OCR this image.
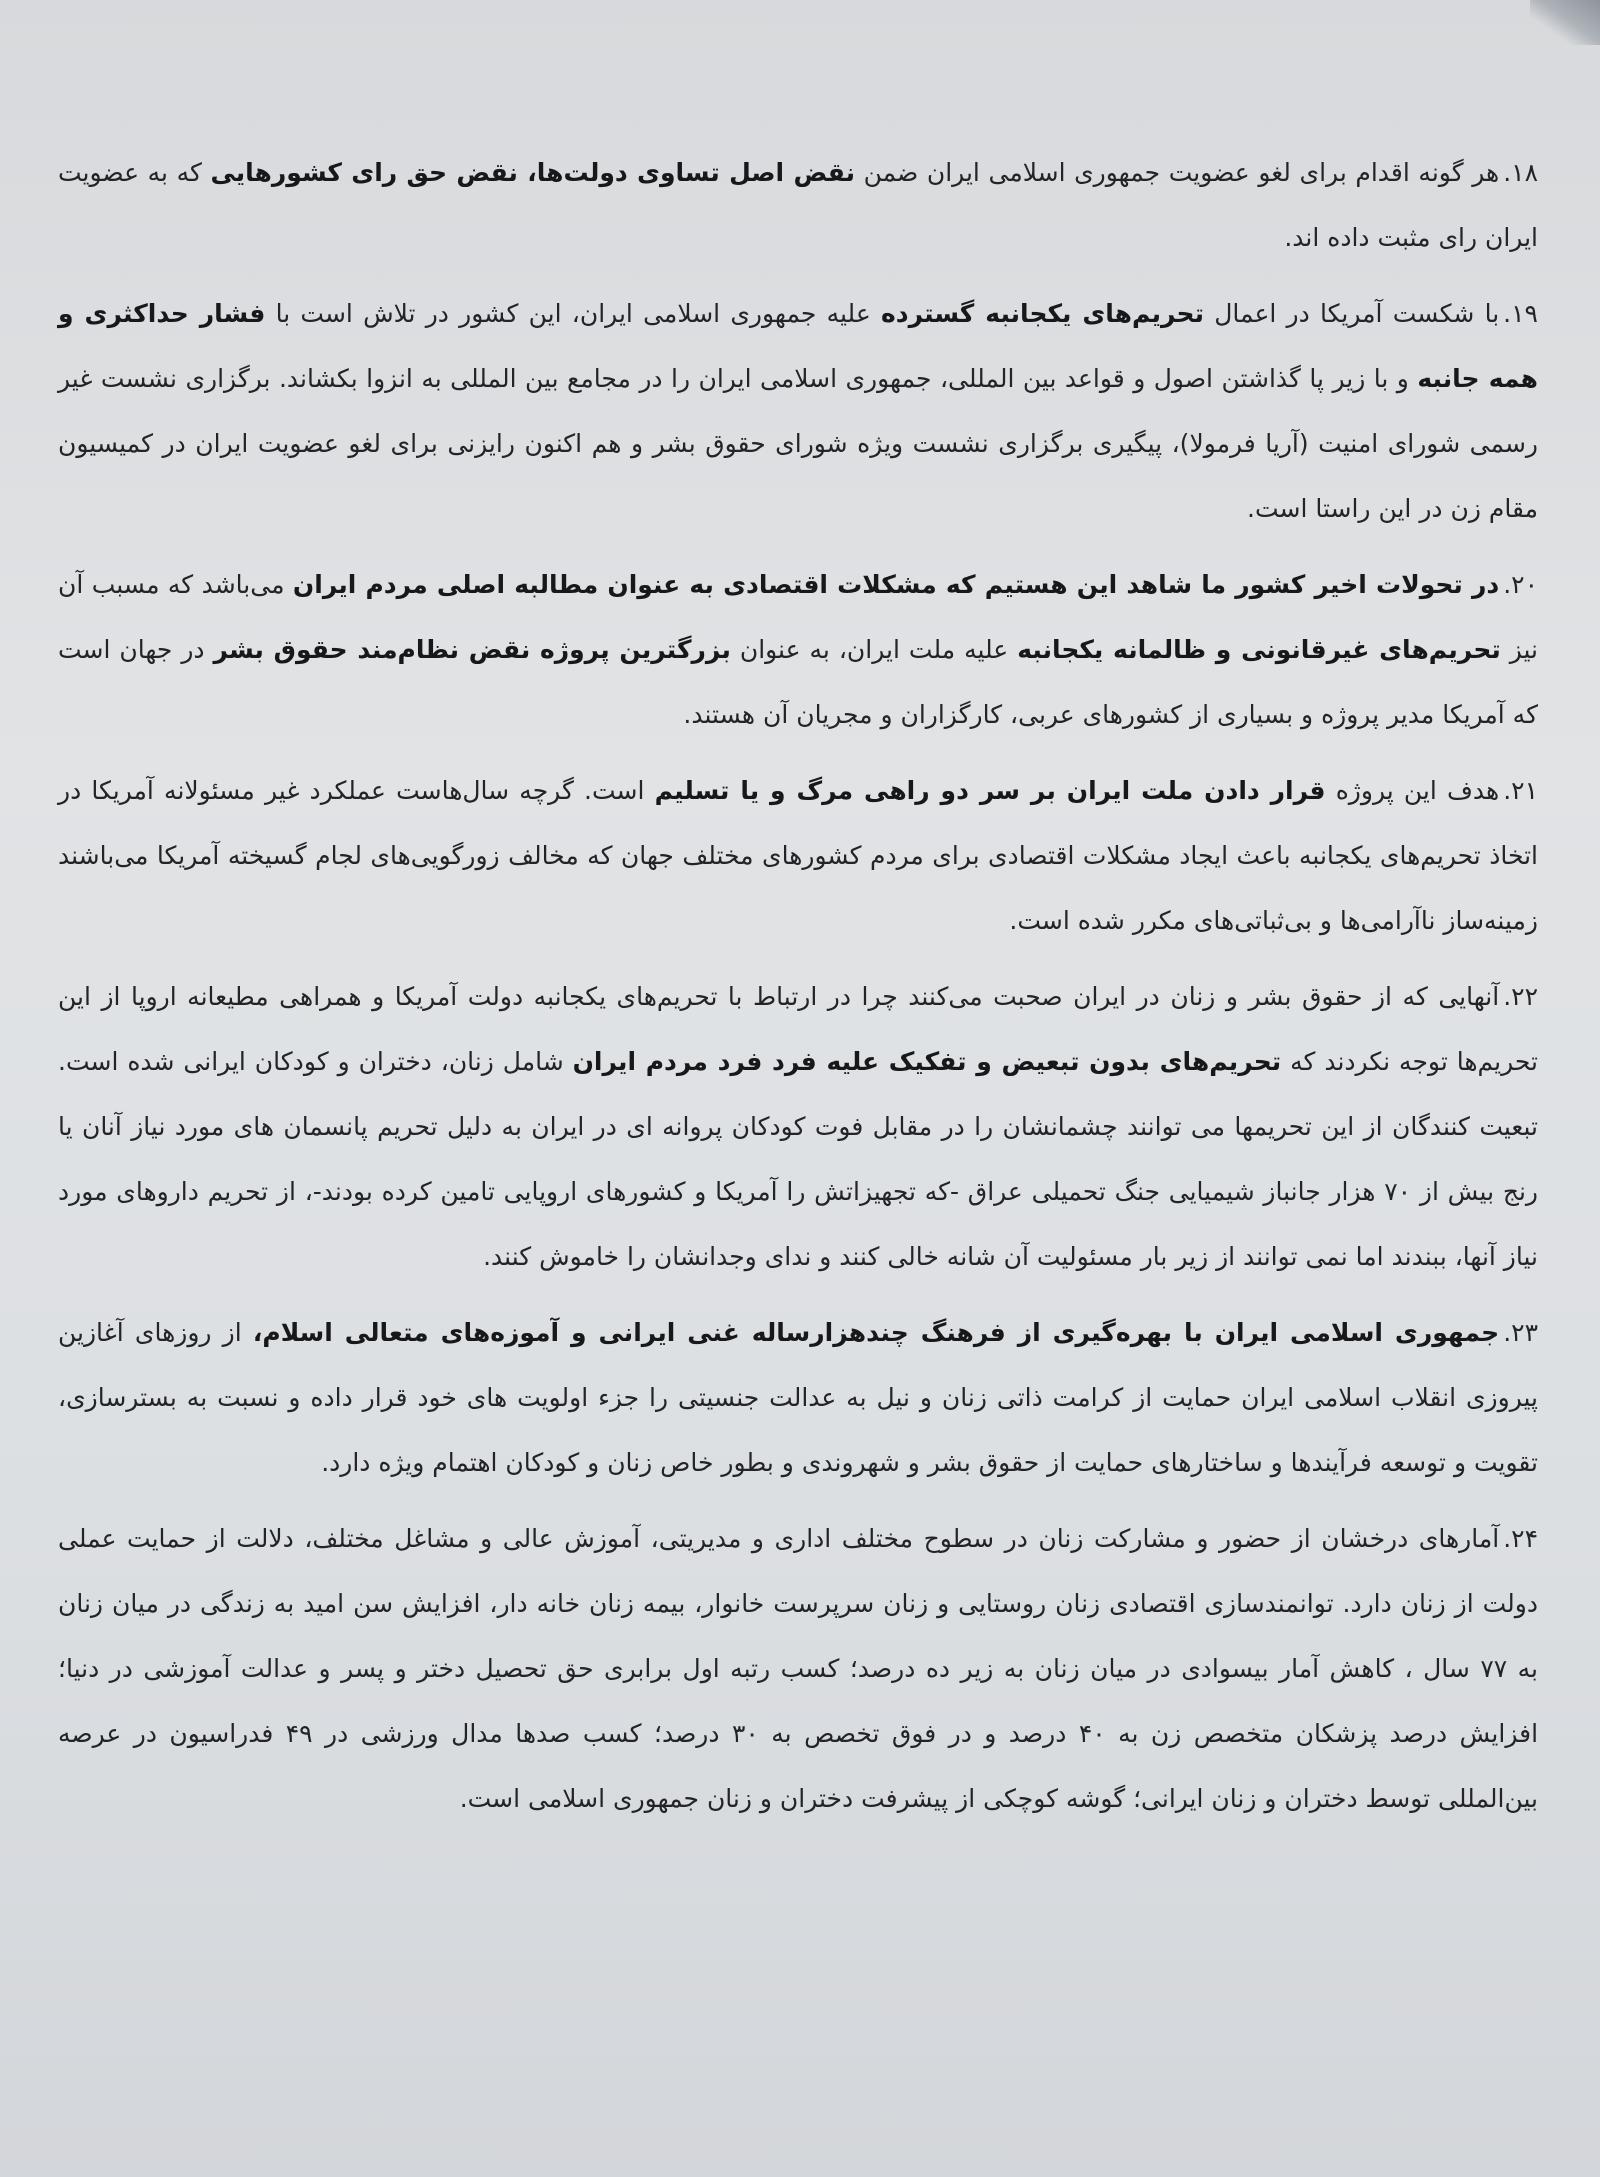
۱۸.هر گونه اقدام برای لغو عضویت جمهوری اسلامی ایران ضمن نقض اصل تساوی دولت‌ها، نقض حق رای کشورهایی که به عضویت ایران رای مثبت داده اند.

۱۹.با شکست آمریکا در اعمال تحریم‌های یکجانبه گسترده علیه جمهوری اسلامی ایران، این کشور در تلاش است با فشار حداکثری و همه جانبه و با زیر پا گذاشتن اصول و قواعد بین المللی، جمهوری اسلامی ایران را در مجامع بین المللی به انزوا بکشاند. برگزاری نشست غیر رسمی شورای امنیت (آریا فرمولا)، پیگیری برگزاری نشست ویژه شورای حقوق بشر و هم اکنون رایزنی برای لغو عضویت ایران در کمیسیون مقام زن در این راستا است.

۲۰.در تحولات اخیر کشور ما شاهد این هستیم که مشکلات اقتصادی به عنوان مطالبه اصلی مردم ایران می‌باشد که مسبب آن نیز تحریم‌های غیرقانونی و ظالمانه یکجانبه علیه ملت ایران، به عنوان بزرگترین پروژه نقض نظام‌مند حقوق بشر در جهان است که آمریکا مدیر پروژه و بسیاری از کشورهای عربی، کارگزاران و مجریان آن هستند.

۲۱.هدف این پروژه قرار دادن ملت ایران بر سر دو راهی مرگ و یا تسلیم است. گرچه سال‌هاست عملکرد غیر مسئولانه آمریکا در اتخاذ تحریم‌های یکجانبه باعث ایجاد مشکلات اقتصادی برای مردم کشورهای مختلف جهان که مخالف زورگویی‌های لجام گسیخته آمریکا می‌باشند زمینه‌ساز ناآرامی‌ها و بی‌ثباتی‌های مکرر شده است.

۲۲.آنهایی که از حقوق بشر و زنان در ایران صحبت می‌کنند چرا در ارتباط با تحریم‌های یکجانبه دولت آمریکا و همراهی مطیعانه اروپا از این تحریم‌ها توجه نکردند که تحریم‌های بدون تبعیض و تفکیک علیه فرد فرد مردم ایران شامل زنان، دختران و کودکان ایرانی شده است. تبعیت کنندگان از این تحریمها می توانند چشمانشان را در مقابل فوت کودکان پروانه ای در ایران به دلیل تحریم پانسمان های مورد نیاز آنان یا رنج بیش از ۷۰ هزار جانباز شیمیایی جنگ تحمیلی عراق -که تجهیزاتش را آمریکا و کشورهای اروپایی تامین کرده بودند-، از تحریم داروهای مورد نیاز آنها، ببندند اما نمی توانند از زیر بار مسئولیت آن شانه خالی کنند و ندای وجدانشان را خاموش کنند.

۲۳.جمهوری اسلامی ایران با بهره‌گیری از فرهنگ چندهزارساله غنی ایرانی و آموزه‌های متعالی اسلام، از روزهای آغازین پیروزی انقلاب اسلامی ایران حمایت از کرامت ذاتی زنان و نیل به عدالت جنسیتی را جزء اولویت های خود قرار داده و نسبت به بسترسازی، تقویت و توسعه فرآیندها و ساختارهای حمایت از حقوق بشر و شهروندی و بطور خاص زنان و کودکان اهتمام ویژه دارد.

۲۴.آمارهای درخشان از حضور و مشارکت زنان در سطوح مختلف اداری و مدیریتی، آموزش عالی و مشاغل مختلف، دلالت از حمایت عملی دولت از زنان دارد. توانمندسازی اقتصادی زنان روستایی و زنان سرپرست خانوار، بیمه زنان خانه دار، افزایش سن امید به زندگی در میان زنان به ۷۷ سال ، کاهش آمار بیسوادی در میان زنان به زیر ده درصد؛ کسب رتبه اول برابری حق تحصیل دختر و پسر و عدالت آموزشی در دنیا؛ افزایش درصد پزشکان متخصص زن به ۴۰ درصد و در فوق تخصص به ۳۰ درصد؛ کسب صدها مدال ورزشی در ۴۹ فدراسیون در عرصه بین‌المللی توسط دختران و زنان ایرانی؛ گوشه کوچکی از پیشرفت دختران و زنان جمهوری اسلامی است.
